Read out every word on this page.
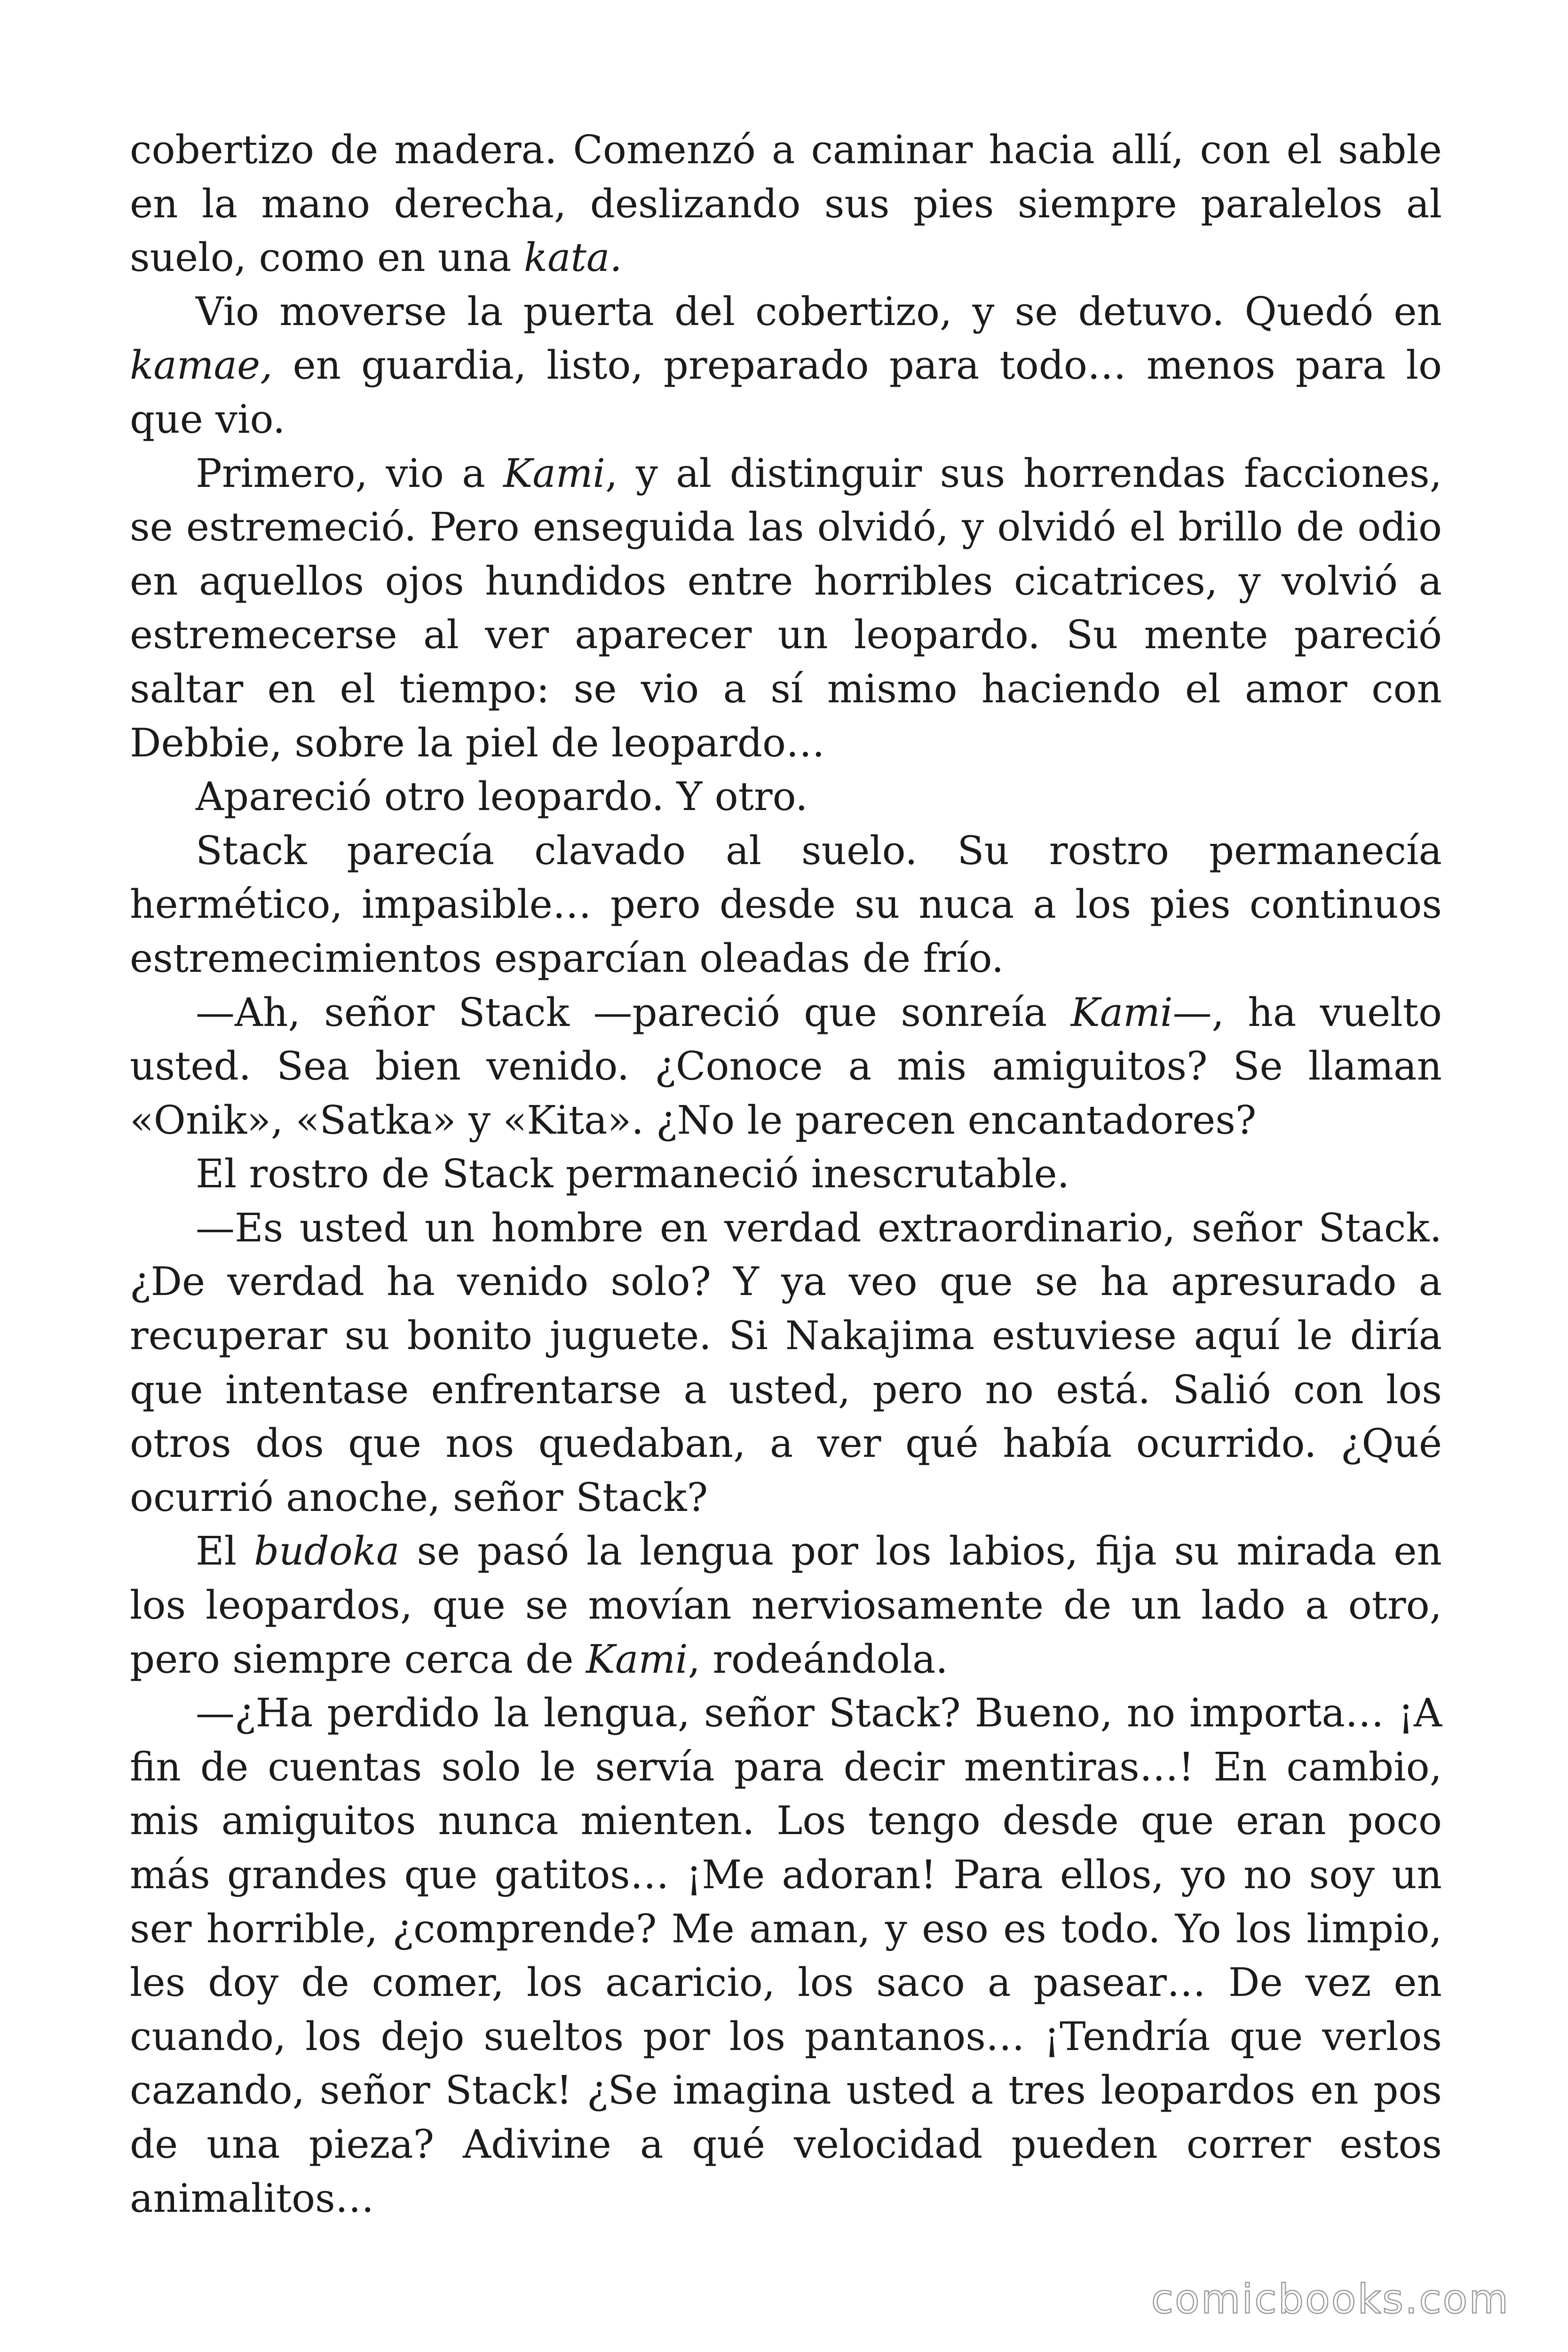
cobertizo de madera. Comenzó a caminar hacia allí, con el sable en la mano derecha, deslizando sus pies siempre paralelos al suelo, como en una kata.

Vio moverse la puerta del cobertizo, y se detuvo. Quedó en kamae, en guardia, listo, preparado para todo… menos para lo que vio.

Primero, vio a Kami, y al distinguir sus horrendas facciones, se estremeció. Pero enseguida las olvidó, y olvidó el brillo de odio en aquellos ojos hundidos entre horribles cicatrices, y volvió a estremecerse al ver aparecer un leopardo. Su mente pareció saltar en el tiempo: se vio a sí mismo haciendo el amor con Debbie, sobre la piel de leopardo…

Apareció otro leopardo. Y otro.

Stack parecía clavado al suelo. Su rostro permanecía hermético, impasible… pero desde su nuca a los pies continuos estremecimientos esparcían oleadas de frío.

—Ah, señor Stack —pareció que sonreía Kami—, ha vuelto usted. Sea bien venido. ¿Conoce a mis amiguitos? Se llaman «Onik», «Satka» y «Kita». ¿No le parecen encantadores?

El rostro de Stack permaneció inescrutable.

—Es usted un hombre en verdad extraordinario, señor Stack. ¿De verdad ha venido solo? Y ya veo que se ha apresurado a recuperar su bonito juguete. Si Nakajima estuviese aquí le diría que intentase enfrentarse a usted, pero no está. Salió con los otros dos que nos quedaban, a ver qué había ocurrido. ¿Qué ocurrió anoche, señor Stack?

El budoka se pasó la lengua por los labios, fija su mirada en los leopardos, que se movían nerviosamente de un lado a otro, pero siempre cerca de Kami, rodeándola.

—¿Ha perdido la lengua, señor Stack? Bueno, no importa… ¡A fin de cuentas solo le servía para decir mentiras…! En cambio, mis amiguitos nunca mienten. Los tengo desde que eran poco más grandes que gatitos… ¡Me adoran! Para ellos, yo no soy un ser horrible, ¿comprende? Me aman, y eso es todo. Yo los limpio, les doy de comer, los acaricio, los saco a pasear… De vez en cuando, los dejo sueltos por los pantanos… ¡Tendría que verlos cazando, señor Stack! ¿Se imagina usted a tres leopardos en pos de una pieza? Adivine a qué velocidad pueden correr estos animalitos…

comicbooks.com
